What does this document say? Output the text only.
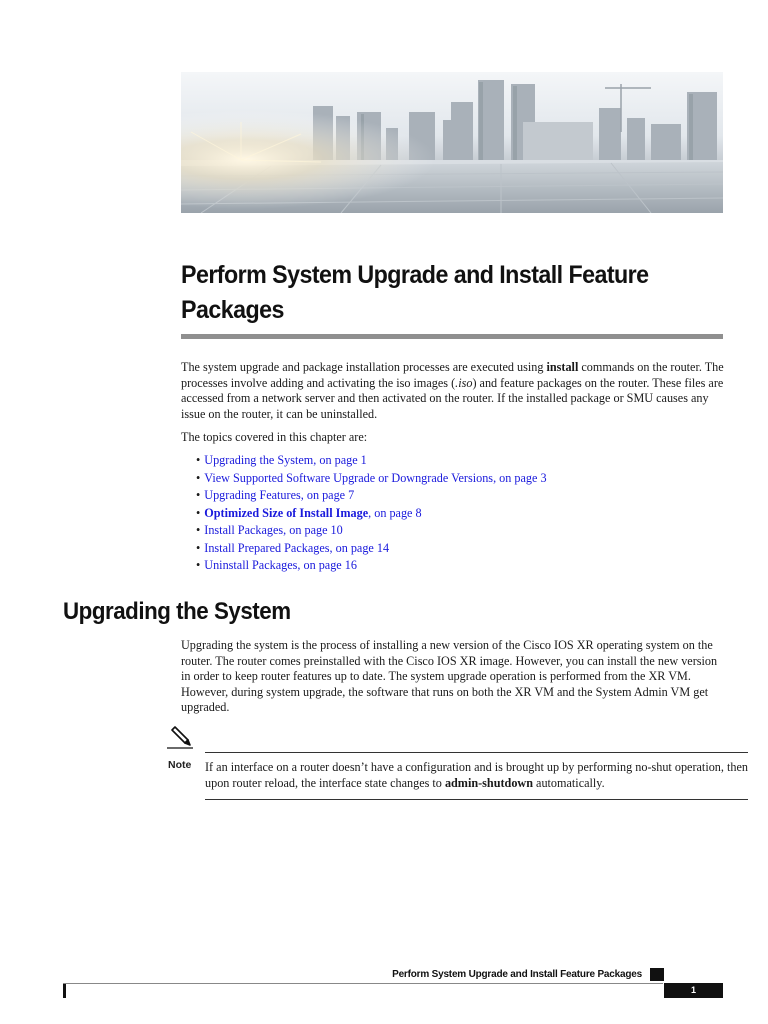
Perform System Upgrade and Install Feature Packages

The system upgrade and package installation processes are executed using install commands on the router. The processes involve adding and activating the iso images (.iso) and feature packages on the router. These files are accessed from a network server and then activated on the router. If the installed package or SMU causes any issue on the router, it can be uninstalled.

The topics covered in this chapter are:

• Upgrading the System, on page 1
• View Supported Software Upgrade or Downgrade Versions, on page 3
• Upgrading Features, on page 7
• Optimized Size of Install Image, on page 8
• Install Packages, on page 10
• Install Prepared Packages, on page 14
• Uninstall Packages, on page 16
Upgrading the System

Upgrading the system is the process of installing a new version of the Cisco IOS XR operating system on the router. The router comes preinstalled with the Cisco IOS XR image. However, you can install the new version in order to keep router features up to date. The system upgrade operation is performed from the XR VM. However, during system upgrade, the software that runs on both the XR VM and the System Admin VM get upgraded.

Note If an interface on a router doesn’t have a configuration and is brought up by performing no-shut operation, then upon router reload, the interface state changes to admin-shutdown automatically.

Perform System Upgrade and Install Feature Packages
1
